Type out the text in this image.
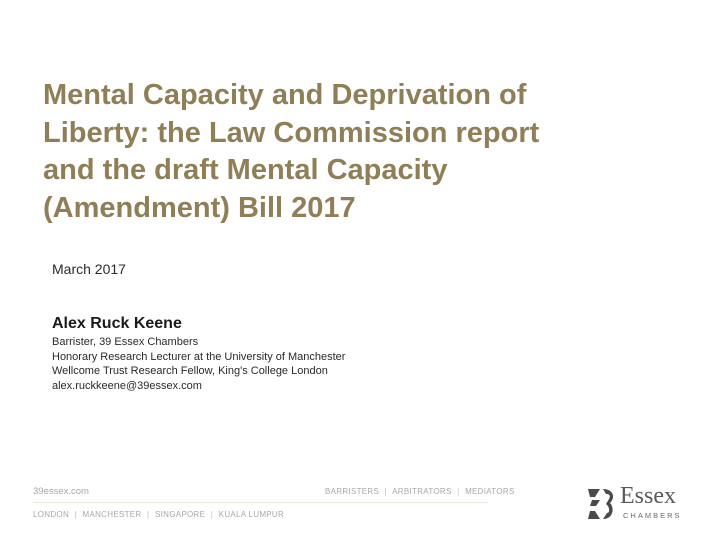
Mental Capacity and Deprivation of
Liberty: the Law Commission report
and the draft Mental Capacity
(Amendment) Bill 2017
March 2017
Alex Ruck Keene
Barrister, 39 Essex Chambers
Honorary Research Lecturer at the University of Manchester
Wellcome Trust Research Fellow, King's College London
alex.ruckkeene@39essex.com
39essex.com	BARRISTERS | ARBITRATORS | MEDIATORS
LONDON | MANCHESTER | SINGAPORE | KUALA LUMPUR
Essex
CHAMBERS
